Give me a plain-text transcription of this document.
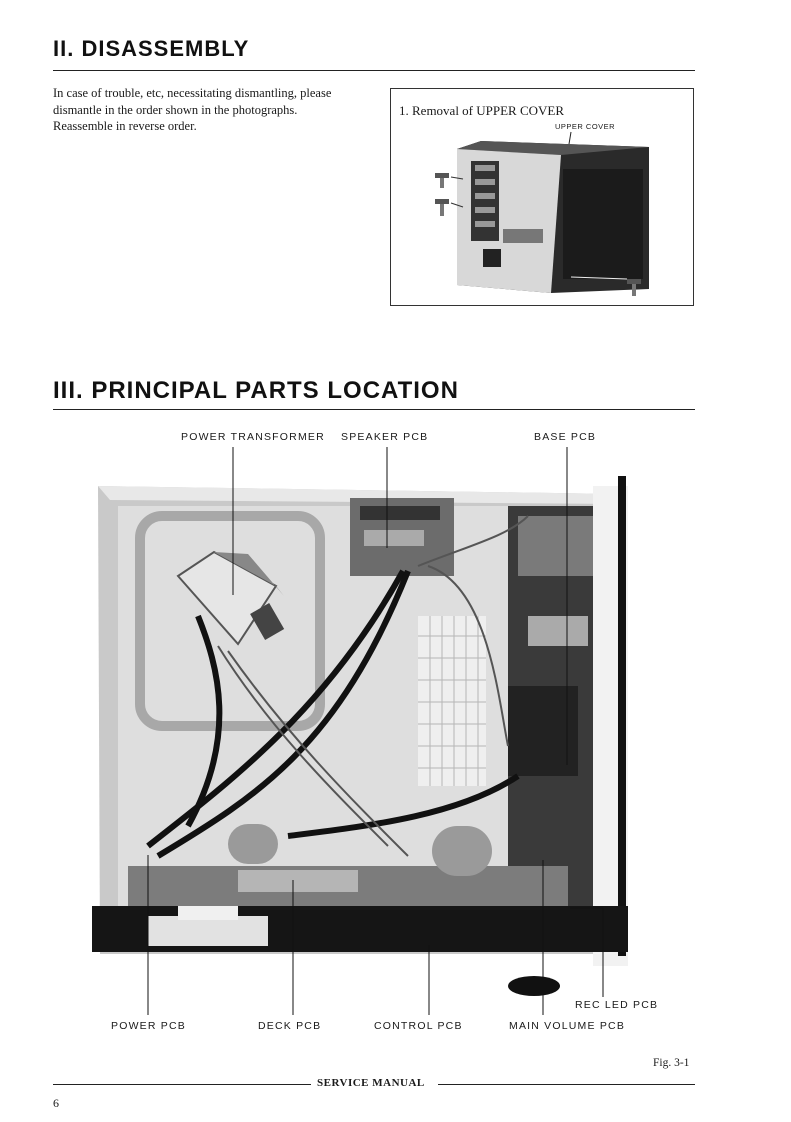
II. DISASSEMBLY
In case of trouble, etc, necessitating dismantling, please
dismantle in the order shown in the photographs.
Reassemble in reverse order.
1. Removal of UPPER COVER
UPPER COVER
III. PRINCIPAL PARTS LOCATION
POWER TRANSFORMER SPEAKER PCB	BASE PCB
REC LED PCB
POWER PCB	DECK PCB	CONTROL PCB	MAIN VOLUME PCB
Fig. 3-1
SERVICE MANUAL
6
